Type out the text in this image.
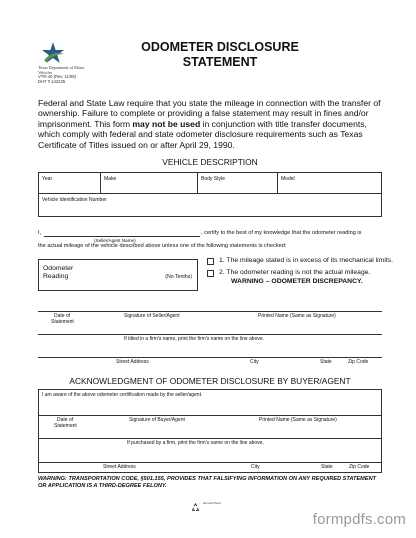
Texas Department of Motor Vehicles
VTR-40 (Rev. 11/99)
DHT # 142235
ODOMETER DISCLOSURE
STATEMENT
Federal and State Law require that you state the mileage in connection with the transfer of ownership. Failure to complete or providing a false statement may result in fines and/or imprisonment. This form may not be used in conjunction with title transfer documents, which comply with federal and state odometer disclosure requirements such as Texas Certificate of Titles issued on or after April 29, 1990.
VEHICLE DESCRIPTION
Year	Make	Body Style	Model
Vehicle Identification Number
I,	, certify to the best of my knowledge that the odometer reading is
(Seller/Agent Name)
the actual mileage of the vehicle described above unless one of the following statements is checked:
Odometer
Reading	(No Tenths)
1. The mileage stated is in excess of its mechanical limits.
2. The odometer reading is not the actual mileage.
WARNING – ODOMETER DISCREPANCY.
Date of
Statement
Signature of Seller/Agent	Printed Name (Same as Signature)
If titled in a firm's name, print the firm's name on the line above.
Street Address	City	State	Zip Code
ACKNOWLEDGMENT OF ODOMETER DISCLOSURE BY BUYER/AGENT
I am aware of the above odometer certification made by the seller/agent.
Date of
Statement
Signature of Buyer/Agent	Printed Name (Same as Signature)
If purchased by a firm, print the firm's name on the line above.
Street Address	City	State	Zip Code
WARNING: TRANSPORTATION CODE, §501.155, PROVIDES THAT FALSIFYING INFORMATION ON ANY REQUIRED STATEMENT OR APPLICATION IS A THIRD-DEGREE FELONY.
Recycled Paper
formpdfs.com
